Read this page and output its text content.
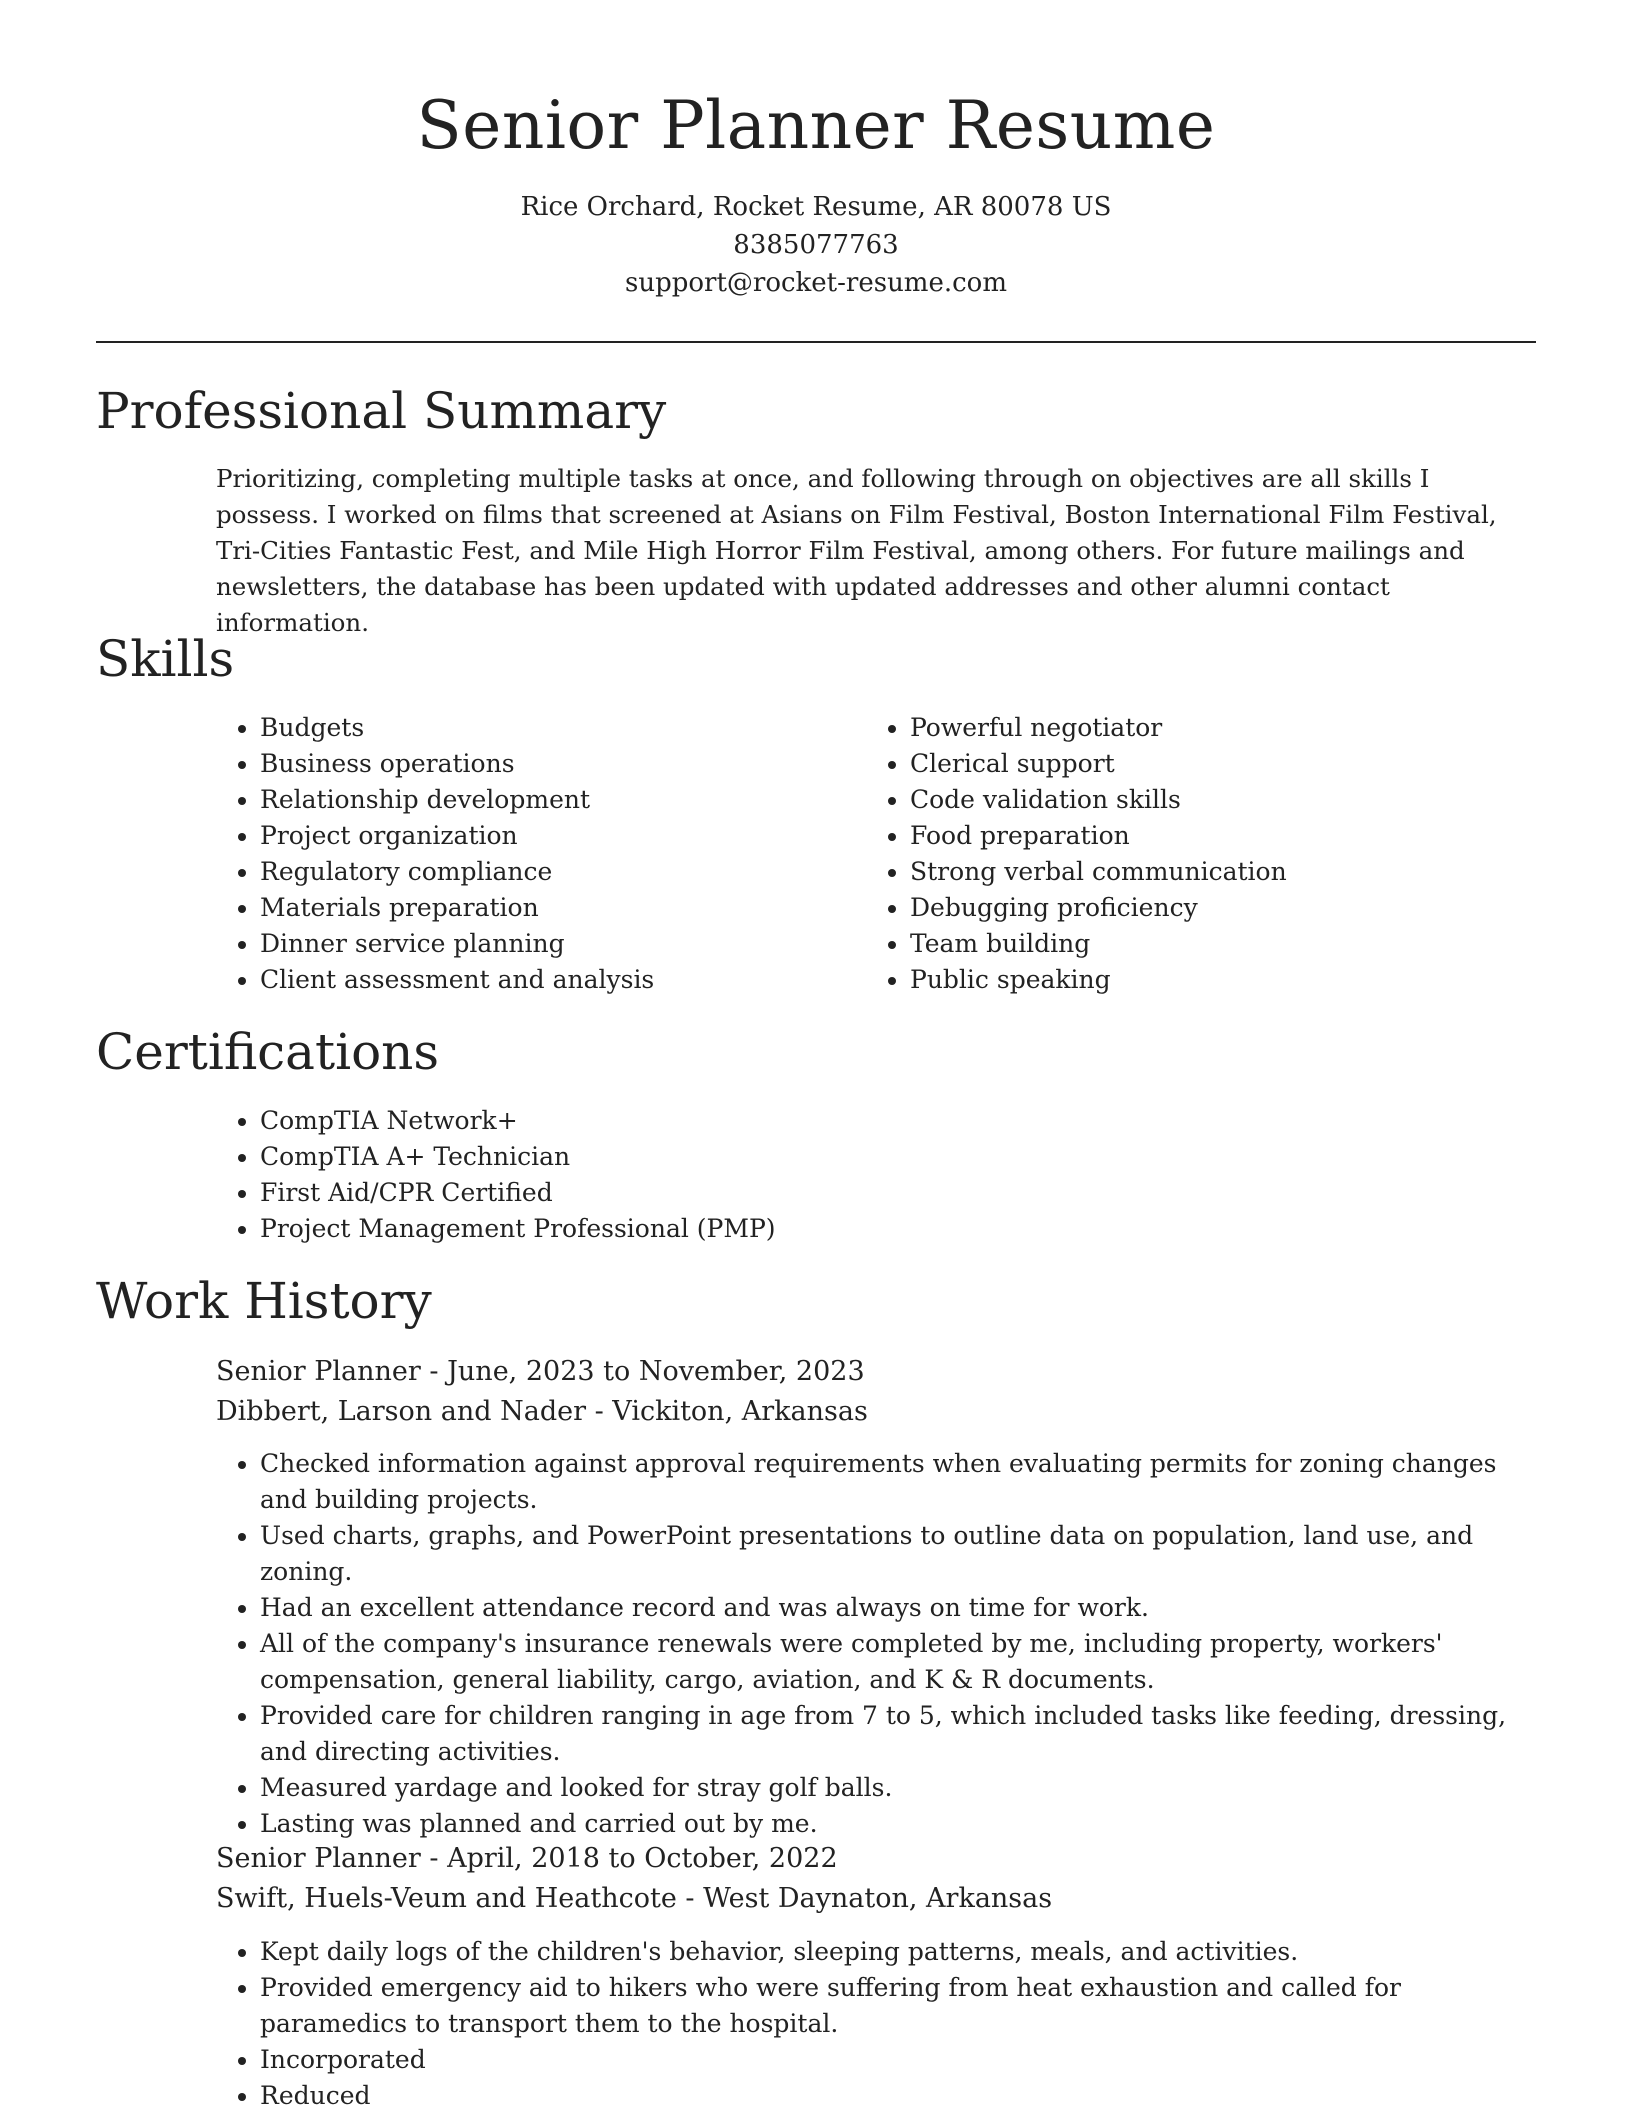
Senior Planner Resume
Rice Orchard, Rocket Resume, AR 80078 US
8385077763
support@rocket-resume.com
Professional Summary

Prioritizing, completing multiple tasks at once, and following through on objectives are all skills I possess. I worked on films that screened at Asians on Film Festival, Boston International Film Festival, Tri-Cities Fantastic Fest, and Mile High Horror Film Festival, among others. For future mailings and newsletters, the database has been updated with updated addresses and other alumni contact information.

Skills
• Budgets
• Business operations
• Relationship development
• Project organization
• Regulatory compliance
• Materials preparation
• Dinner service planning
• Client assessment and analysis
• Powerful negotiator
• Clerical support
• Code validation skills
• Food preparation
• Strong verbal communication
• Debugging proficiency
• Team building
• Public speaking
Certifications
• CompTIA Network+
• CompTIA A+ Technician
• First Aid/CPR Certified
• Project Management Professional (PMP)
Work History
Senior Planner - June, 2023 to November, 2023
Dibbert, Larson and Nader - Vickiton, Arkansas
• Checked information against approval requirements when evaluating permits for zoning changes and building projects.
• Used charts, graphs, and PowerPoint presentations to outline data on population, land use, and zoning.
• Had an excellent attendance record and was always on time for work.
• All of the company's insurance renewals were completed by me, including property, workers' compensation, general liability, cargo, aviation, and K & R documents.
• Provided care for children ranging in age from 7 to 5, which included tasks like feeding, dressing, and directing activities.
• Measured yardage and looked for stray golf balls.
• Lasting was planned and carried out by me.
Senior Planner - April, 2018 to October, 2022
Swift, Huels-Veum and Heathcote - West Daynaton, Arkansas
• Kept daily logs of the children's behavior, sleeping patterns, meals, and activities.
• Provided emergency aid to hikers who were suffering from heat exhaustion and called for paramedics to transport them to the hospital.
• Incorporated
• Reduced
